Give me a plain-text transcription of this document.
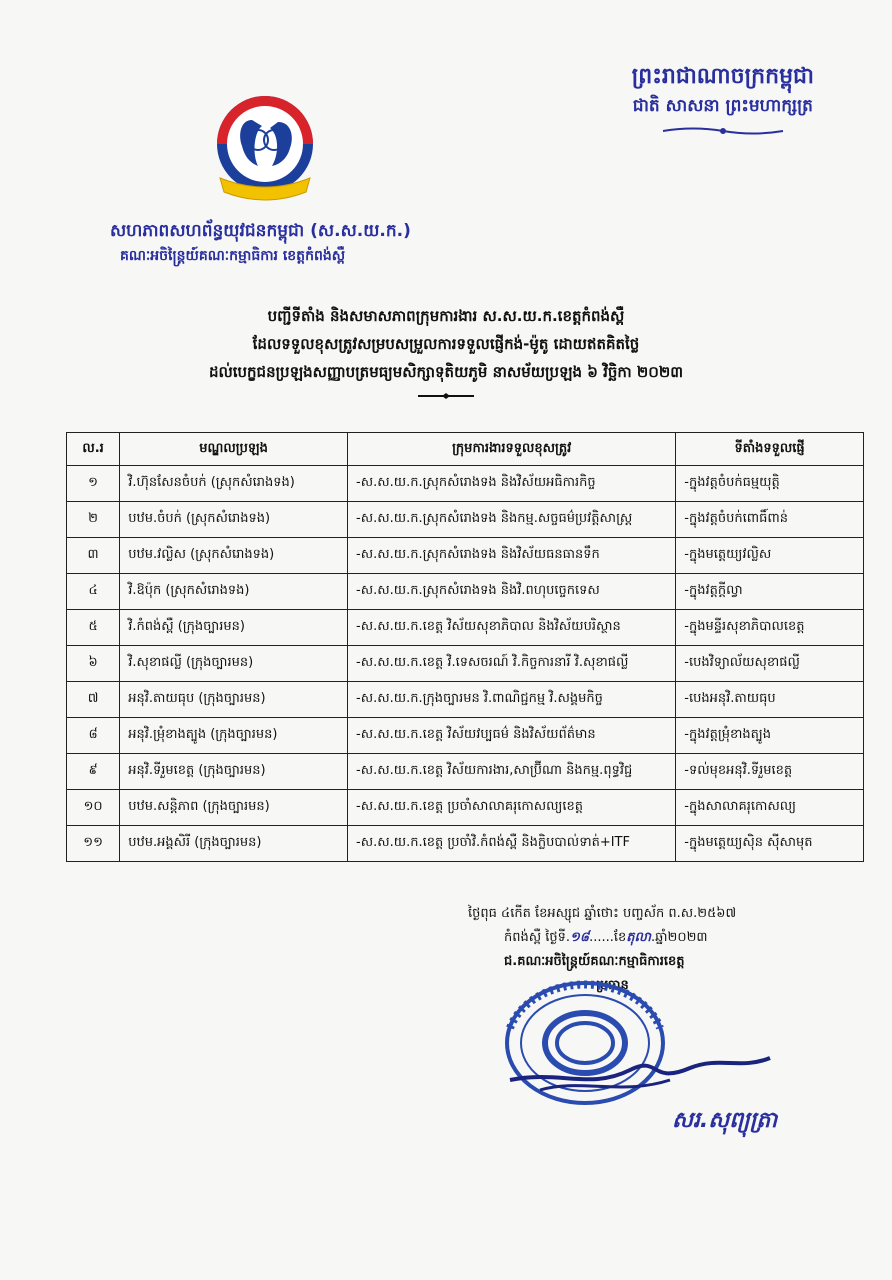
ព្រះរាជាណាចក្រកម្ពុជា
ជាតិ សាសនា ព្រះមហាក្សត្រ
សហភាពសហព័ន្ធយុវជនកម្ពុជា (ស.ស.យ.ក.)
គណៈអចិន្ត្រៃយ៍គណៈកម្មាធិការ ខេត្តកំពង់ស្ពឺ
បញ្ជីទីតាំង និងសមាសភាពក្រុមការងារ ស.ស.យ.ក.ខេត្តកំពង់ស្ពឺ
ដែលទទួលខុសត្រូវសម្របសម្រួលការទទួលផ្ញើកង់-ម៉ូតូ ដោយឥតគិតថ្លៃ
ដល់បេក្ខជនប្រឡងសញ្ញាបត្រមធ្យមសិក្សាទុតិយភូមិ នាសម័យប្រឡង ៦ វិច្ឆិកា ២០២៣
ល.រ	មណ្ឌលប្រឡង	ក្រុមការងារទទួលខុសត្រូវ	ទីតាំងទទួលផ្ញើ
១	វិ.ហ៊ុនសែនចំបក់ (ស្រុកសំរោងទង)	-ស.ស.យ.ក.ស្រុកសំរោងទង និងវិស័យអធិការកិច្ច	-ក្នុងវត្តចំបក់ធម្មយុត្តិ
២	បឋម.ចំបក់ (ស្រុកសំរោងទង)	-ស.ស.យ.ក.ស្រុកសំរោងទង និងកម្ម.សច្ចធម៌ប្រវត្តិសាស្ត្រ	-ក្នុងវត្តចំបក់ពោធិ៍ពាន់
៣	បឋម.វល្លិស (ស្រុកសំរោងទង)	-ស.ស.យ.ក.ស្រុកសំរោងទង និងវិស័យធនធានទឹក	-ក្នុងមត្តេយ្យវល្លិស
៤	វិ.ឱប៉ុក (ស្រុកសំរោងទង)	-ស.ស.យ.ក.ស្រុកសំរោងទង និងវិ.ពហុបច្ចេកទេស	-ក្នុងវត្តក្តីល្វា
៥	វិ.កំពង់ស្ពឺ (ក្រុងច្បារមន)	-ស.ស.យ.ក.ខេត្ត វិស័យសុខាភិបាល និងវិស័យបរិស្ថាន	-ក្នុងមន្ទីរសុខាភិបាលខេត្ត
៦	វិ.សុខាផល្លី (ក្រុងច្បារមន)	-ស.ស.យ.ក.ខេត្ត វិ.ទេសចរណ៍ វិ.កិច្ចការនារី វិ.សុខាផល្លី	-បេងវិទ្យាល័យសុខាផល្លី
៧	អនុវិ.តាយធុប (ក្រុងច្បារមន)	-ស.ស.យ.ក.ក្រុងច្បារមន វិ.ពាណិជ្ជកម្ម វិ.សង្គមកិច្ច	-បេងអនុវិ.តាយធុប
៨	អនុវិ.ម្រុំខាងត្បូង (ក្រុងច្បារមន)	-ស.ស.យ.ក.ខេត្ត វិស័យវប្បធម៌ និងវិស័យព័ត៌មាន	-ក្នុងវត្តម្រុំខាងត្បូង
៩	អនុវិ.ទីរួមខេត្ត (ក្រុងច្បារមន)	-ស.ស.យ.ក.ខេត្ត វិស័យការងារ,សាប្រ៊ីណា និងកម្ម.ពុទ្ធវិជ្ជ	-ទល់មុខអនុវិ.ទីរួមខេត្ត
១០	បឋម.សន្តិភាព (ក្រុងច្បារមន)	-ស.ស.យ.ក.ខេត្ត ប្រចាំសាលាគរុកោសល្យខេត្ត	-ក្នុងសាលាគរុកោសល្យ
១១	បឋម.អង្គសិរី (ក្រុងច្បារមន)	-ស.ស.យ.ក.ខេត្ត ប្រចាំវិ.កំពង់ស្ពឺ និងក្លិបបាល់ទាត់+ITF	-ក្នុងមត្តេយ្យស៊ិន ស៊ីសាមុត
ថ្ងៃពុធ ៤កើត ខែអស្សុជ ឆ្នាំថោះ បញ្ចស័ក ព.ស.២៥៦៧
កំពង់ស្ពឺ ថ្ងៃទី.១៨......ខែតុលា.ឆ្នាំ២០២៣
ជ.គណៈអចិន្ត្រៃយ៍គណៈកម្មាធិការខេត្ត
ប្រធាន
សរ.សុព្យុត្រា
